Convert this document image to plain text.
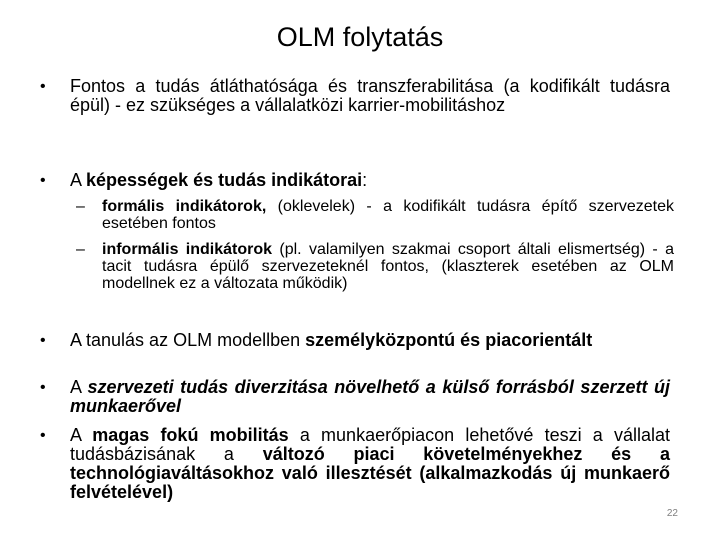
OLM folytatás
• Fontos a tudás átláthatósága és transzferabilitása (a kodifikált tudásra épül) - ez szükséges a vállalatközi karrier-mobilitáshoz
• A képességek és tudás indikátorai:
– formális indikátorok, (oklevelek) - a kodifikált tudásra építő szervezetek esetében fontos
– informális indikátorok (pl. valamilyen szakmai csoport általi elismertség) - a tacit tudásra épülő szervezeteknél fontos, (klaszterek esetében az OLM modellnek ez a változata működik)
• A tanulás az OLM modellben személyközpontú és piacorientált
• A szervezeti tudás diverzitása növelhető a külső forrásból szerzett új munkaerővel
• A magas fokú mobilitás a munkaerőpiacon lehetővé teszi a vállalat tudásbázisának a változó piaci követelményekhez és a technológiaváltásokhoz való illesztését (alkalmazkodás új munkaerő felvételével)
22
